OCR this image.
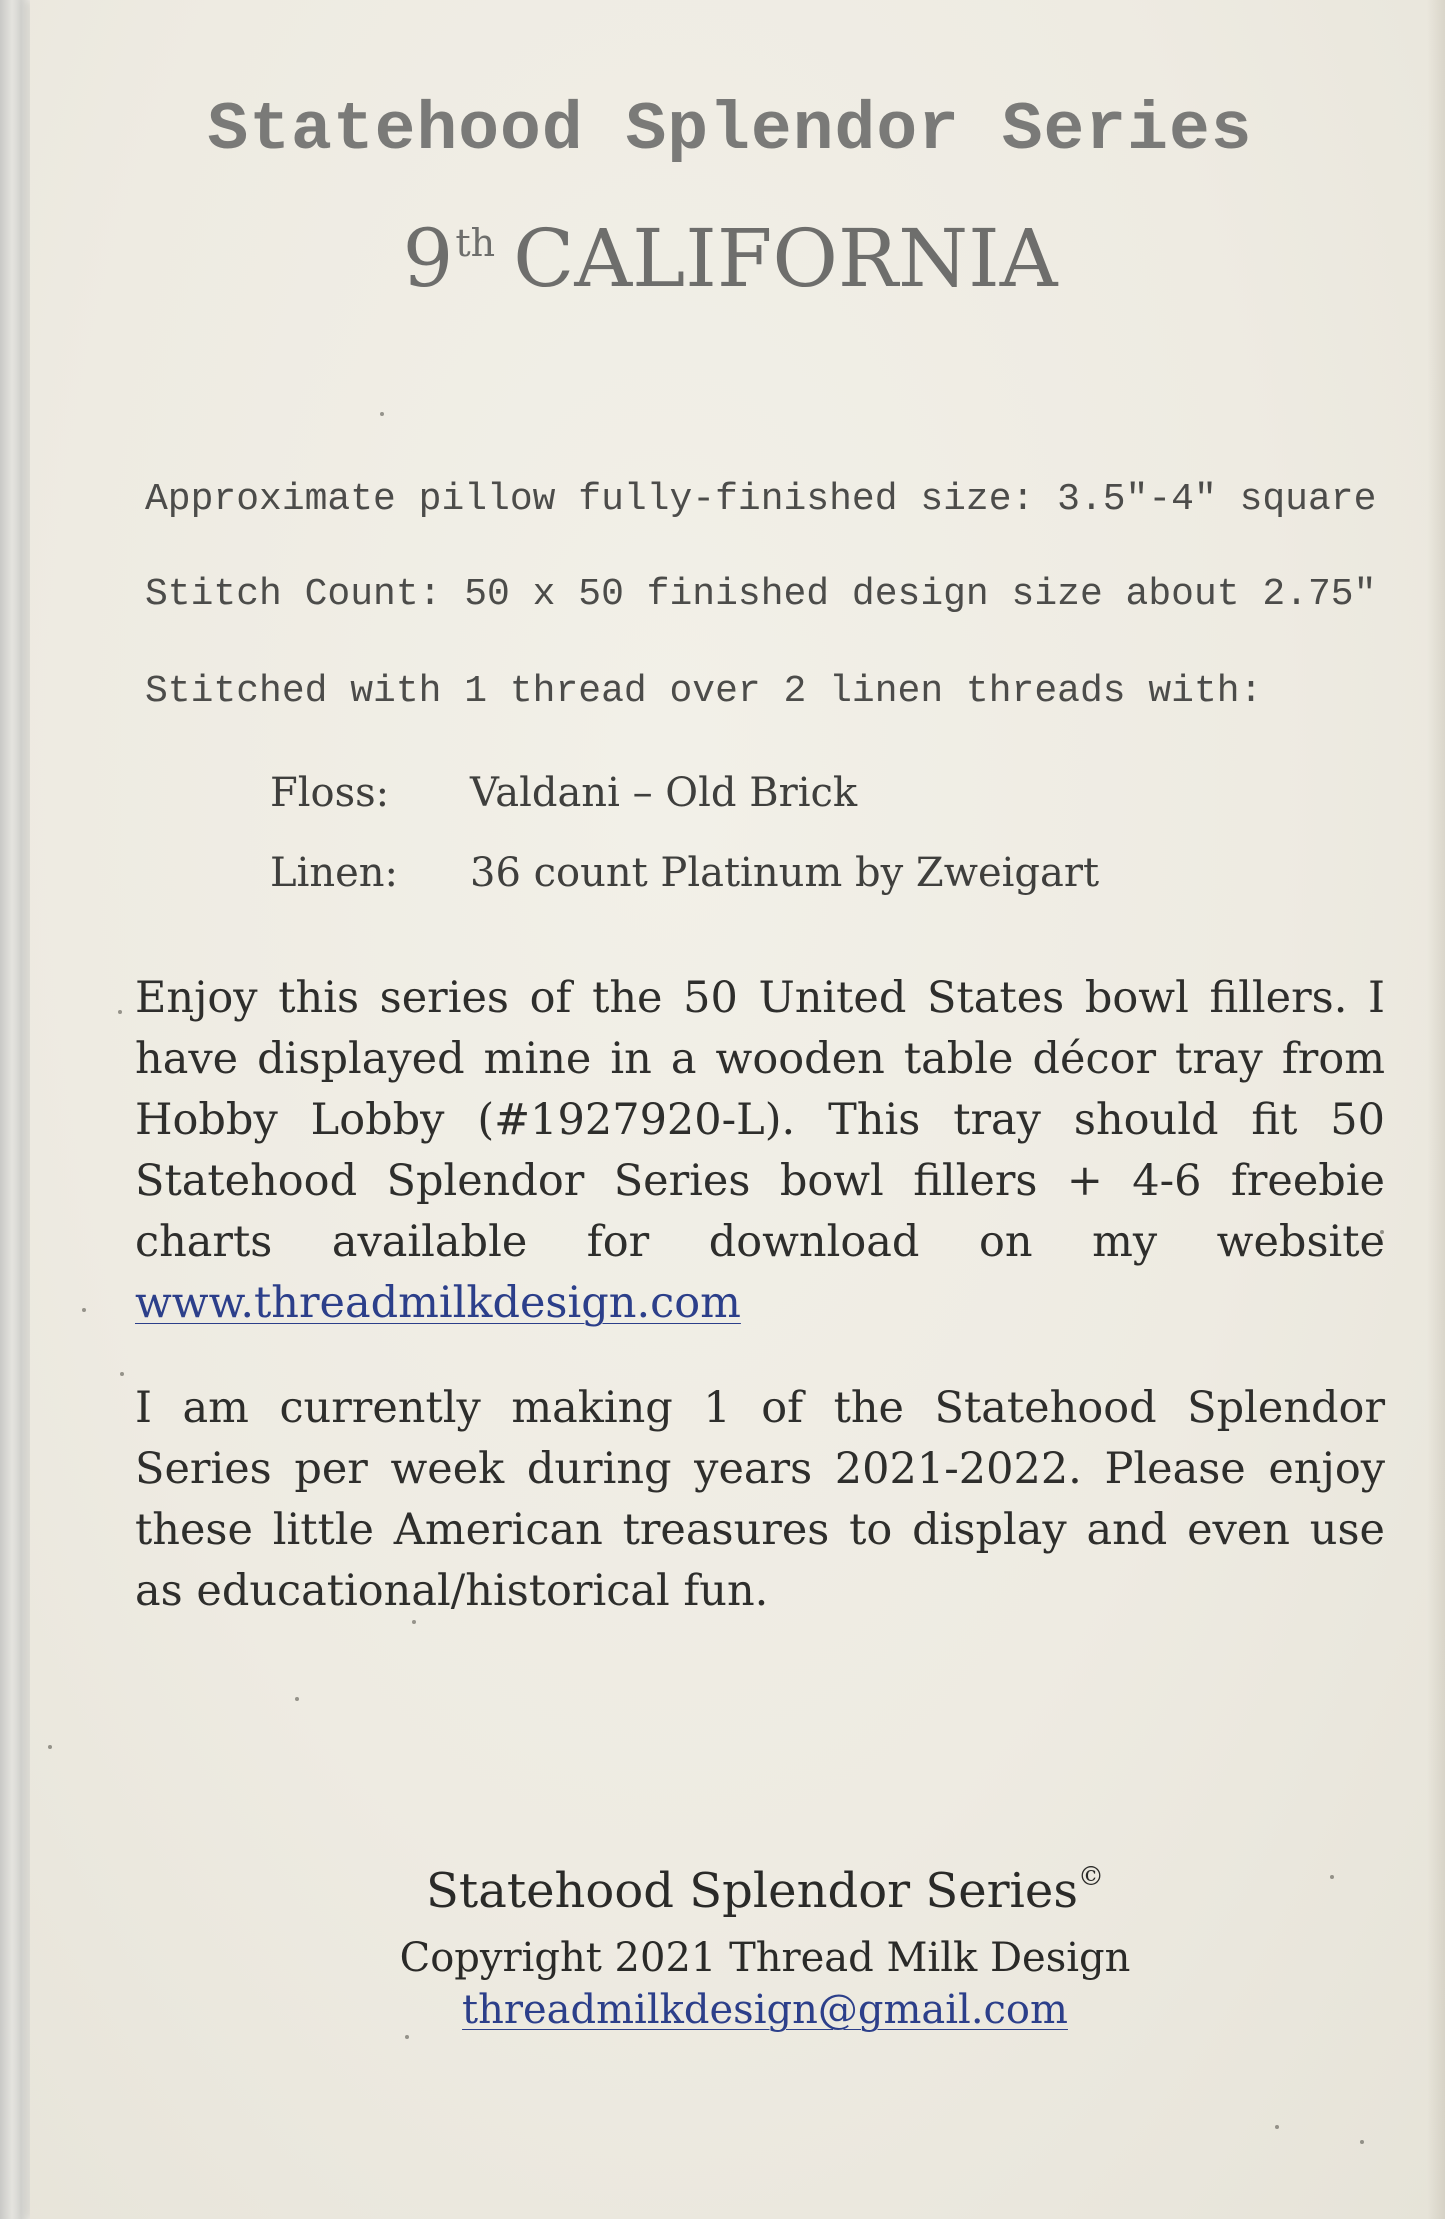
Statehood Splendor Series
9th CALIFORNIA
Approximate pillow fully-finished size: 3.5"-4" square
Stitch Count: 50 x 50 finished design size about 2.75"
Stitched with 1 thread over 2 linen threads with:
Floss: Valdani – Old Brick
Linen: 36 count Platinum by Zweigart
Enjoy this series of the 50 United States bowl fillers. I have displayed mine in a wooden table décor tray from Hobby Lobby (#1927920-L). This tray should fit 50 Statehood Splendor Series bowl fillers + 4-6 freebie charts available for download on my website www.threadmilkdesign.com
I am currently making 1 of the Statehood Splendor Series per week during years 2021-2022. Please enjoy these little American treasures to display and even use as educational/historical fun.
Statehood Splendor Series©
Copyright 2021 Thread Milk Design
threadmilkdesign@gmail.com
